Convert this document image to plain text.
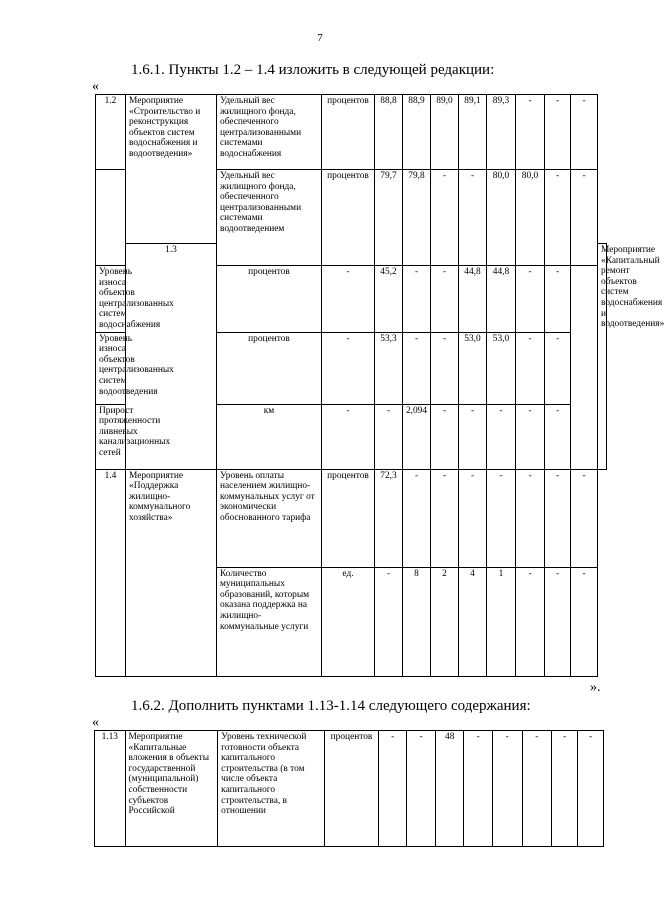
7
1.6.1. Пункты 1.2 – 1.4 изложить в следующей редакции:
«
1.2	Мероприятие «Строительство и реконструкция объектов систем водоснабжения и водоотведения»	Удельный вес жилищного фонда, обеспеченного централизованными системами водоснабжения	процентов	88,8	88,9	89,0	89,1	89,3	-	-	-	
		Удельный вес жилищного фонда, обеспеченного централизованными системами водоотведением	процентов	79,7	79,8	-	-	80,0	80,0	-	-	
	1.3											Мероприятие «Капитальный ремонт объектов систем водоснабжения и водоотведения»
Уровень износа объектов централизованных систем водоснабжения		процентов	-	45,2	-	-	44,8	44,8	-	-		
Уровень износа объектов централизованных систем водоотведения		процентов	-	53,3	-	-	53,0	53,0	-	-		
Прирост протяженности ливневых канализационных сетей		км	-	-	2,094	-	-	-	-	-		
1.4	Мероприятие «Поддержка жилищно-коммунального хозяйства»	Уровень оплаты населением жилищно-коммунальных услуг от экономически обоснованного тарифа	процентов	72,3	-	-	-	-	-	-	-	
		Количество муниципальных образований, которым оказана поддержка на жилищно-коммунальные услуги	ед.	-	8	2	4	1	-	-	-	
».
1.6.2. Дополнить пунктами 1.13-1.14 следующего содержания:
«
1.13	Мероприятие «Капитальные вложения в объекты государственной (муниципальной) собственности субъектов Российской	Уровень технической готовности объекта капитального строительства (в том числе объекта капитального строительства, в отношении	процентов	-	-	48	-	-	-	-	-
